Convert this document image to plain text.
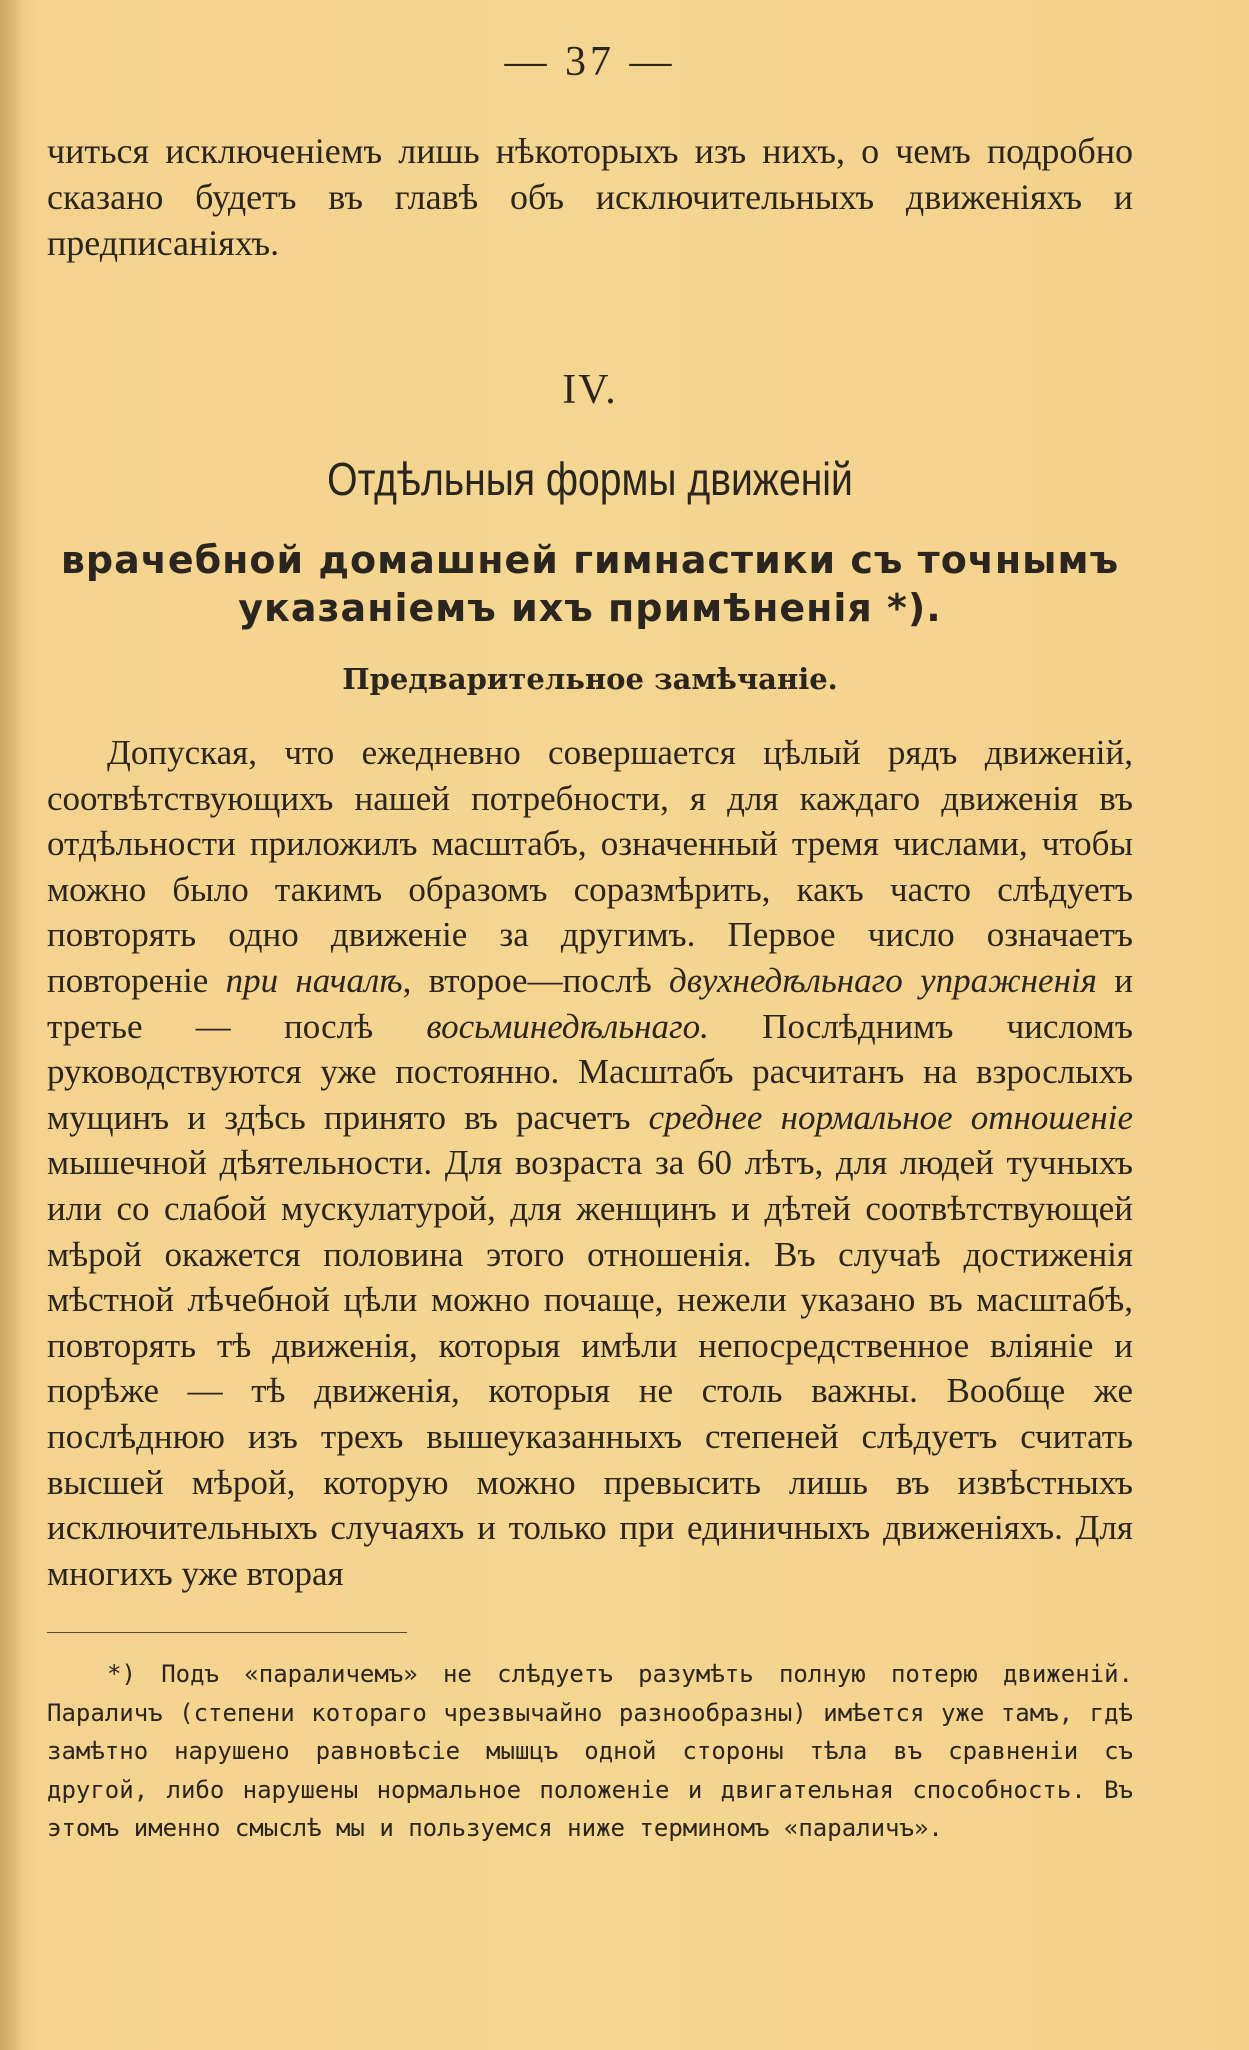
— 37 —

читься исключеніемъ лишь нѣкоторыхъ изъ нихъ, о чемъ подробно сказано будетъ въ главѣ объ исключительныхъ движеніяхъ и предписаніяхъ.

IV.
Отдѣльныя формы движеній
врачебной домашней гимнастики съ точнымъ указаніемъ ихъ примѣненія *).
Предварительное замѣчаніе.

Допуская, что ежедневно совершается цѣлый рядъ движеній, соотвѣтствующихъ нашей потребности, я для каждаго движенія въ отдѣльности приложилъ масштабъ, означенный тремя числами, чтобы можно было такимъ образомъ соразмѣрить, какъ часто слѣдуетъ повторять одно движеніе за другимъ. Первое число означаетъ повтореніе при началѣ, второе—послѣ двухнедѣльнаго упражненія и третье — послѣ восьминедѣльнаго. Послѣднимъ числомъ руководствуются уже постоянно. Масштабъ расчитанъ на взрослыхъ мущинъ и здѣсь принято въ расчетъ среднее нормальное отношеніе мышечной дѣятельности. Для возраста за 60 лѣтъ, для людей тучныхъ или со слабой мускулатурой, для женщинъ и дѣтей соотвѣтствующей мѣрой окажется половина этого отношенія. Въ случаѣ достиженія мѣстной лѣчебной цѣли можно почаще, нежели указано въ масштабѣ, повторять тѣ движенія, которыя имѣли непосредственное вліяніе и порѣже — тѣ движенія, которыя не столь важны. Вообще же послѣднюю изъ трехъ вышеуказанныхъ степеней слѣдуетъ считать высшей мѣрой, которую можно превысить лишь въ извѣстныхъ исключительныхъ случаяхъ и только при единичныхъ движеніяхъ. Для многихъ уже вторая

*) Подъ «параличемъ» не слѣдуетъ разумѣть полную потерю движеній. Параличъ (степени котораго чрезвычайно разнообразны) имѣется уже тамъ, гдѣ замѣтно нарушено равновѣсіе мышцъ одной стороны тѣла въ сравненіи съ другой, либо нарушены нормальное положеніе и двигательная способность. Въ этомъ именно смыслѣ мы и пользуемся ниже терминомъ «параличъ».
